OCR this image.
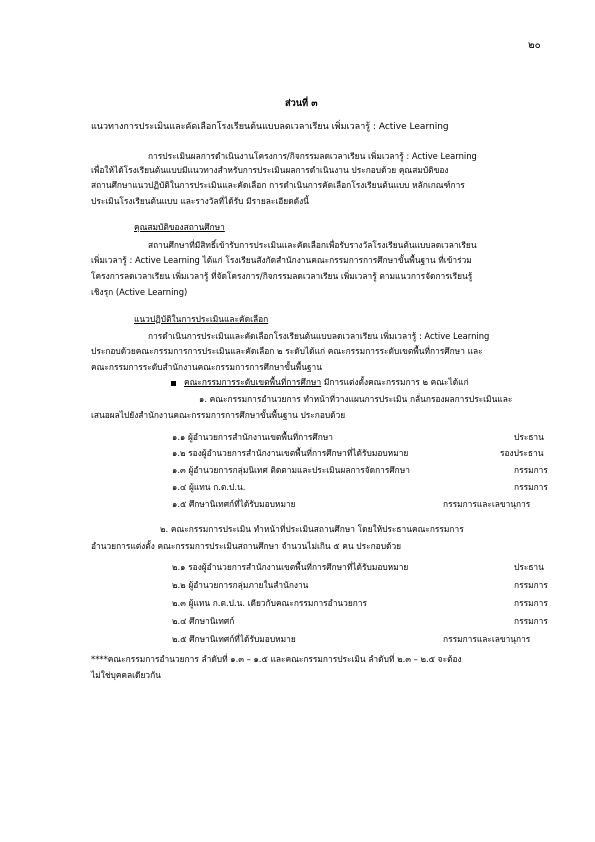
๒๐
ส่วนที่ ๓
แนวทางการประเมินและคัดเลือกโรงเรียนต้นแบบลดเวลาเรียน เพิ่มเวลารู้ : Active Learning
การประเมินผลการดำเนินงานโครงการ/กิจกรรมลดเวลาเรียน เพิ่มเวลารู้ : Active Learning
เพื่อให้ได้โรงเรียนต้นแบบมีแนวทางสำหรับการประเมินผลการดำเนินงาน ประกอบด้วย คุณสมบัติของ
สถานศึกษาแนวปฏิบัติในการประเมินและคัดเลือก การดำเนินการคัดเลือกโรงเรียนต้นแบบ หลักเกณฑ์การ
ประเมินโรงเรียนต้นแบบ และรางวัลที่ได้รับ มีรายละเอียดดังนี้
คุณสมบัติของสถานศึกษา
สถานศึกษาที่มีสิทธิ์เข้ารับการประเมินและคัดเลือกเพื่อรับรางวัลโรงเรียนต้นแบบลดเวลาเรียน
เพิ่มเวลารู้ : Active Learning ได้แก่ โรงเรียนสังกัดสำนักงานคณะกรรมการการศึกษาขั้นพื้นฐาน ที่เข้าร่วม
โครงการลดเวลาเรียน เพิ่มเวลารู้ ที่จัดโครงการ/กิจกรรมลดเวลาเรียน เพิ่มเวลารู้ ตามแนวการจัดการเรียนรู้
เชิงรุก (Active Learning)
แนวปฏิบัติในการประเมินและคัดเลือก
การดำเนินการประเมินและคัดเลือกโรงเรียนต้นแบบลดเวลาเรียน เพิ่มเวลารู้ : Active Learning
ประกอบด้วยคณะกรรมการการประเมินและคัดเลือก ๒ ระดับได้แก่ คณะกรรมการระดับเขตพื้นที่การศึกษา และ
คณะกรรมการระดับสำนักงานคณะกรรมการการศึกษาขั้นพื้นฐาน
คณะกรรมการระดับเขตพื้นที่การศึกษา มีการแต่งตั้งคณะกรรมการ ๒ คณะได้แก่
๑. คณะกรรมการอำนวยการ ทำหน้าที่วางแผนการประเมิน กลั่นกรองผลการประเมินและ
เสนอผลไปยังสำนักงานคณะกรรมการการศึกษาขั้นพื้นฐาน ประกอบด้วย
๑.๑ ผู้อำนวยการสำนักงานเขตพื้นที่การศึกษา	ประธาน
๑.๒ รองผู้อำนวยการสำนักงานเขตพื้นที่การศึกษาที่ได้รับมอบหมาย	รองประธาน
๑.๓ ผู้อำนวยการกลุ่มนิเทศ ติดตามและประเมินผลการจัดการศึกษา	กรรมการ
๑.๔ ผู้แทน ก.ต.ป.น.	กรรมการ
๑.๕ ศึกษานิเทศก์ที่ได้รับมอบหมาย	กรรมการและเลขานุการ
๒. คณะกรรมการประเมิน ทำหน้าที่ประเมินสถานศึกษา โดยให้ประธานคณะกรรมการ
อำนวยการแต่งตั้ง คณะกรรมการประเมินสถานศึกษา จำนวนไม่เกิน ๕ คน ประกอบด้วย
๒.๑ รองผู้อำนวยการสำนักงานเขตพื้นที่การศึกษาที่ได้รับมอบหมาย	ประธาน
๒.๒ ผู้อำนวยการกลุ่มภายในสำนักงาน	กรรมการ
๒.๓ ผู้แทน ก.ต.ป.น. เดียวกับคณะกรรมการอำนวยการ	กรรมการ
๒.๔ ศึกษานิเทศก์	กรรมการ
๒.๕ ศึกษานิเทศก์ที่ได้รับมอบหมาย	กรรมการและเลขานุการ
****คณะกรรมการอำนวยการ ลำดับที่ ๑.๓ – ๑.๕ และคณะกรรมการประเมิน ลำดับที่ ๒.๓ – ๒.๕ จะต้อง
ไม่ใช่บุคคลเดียวกัน
